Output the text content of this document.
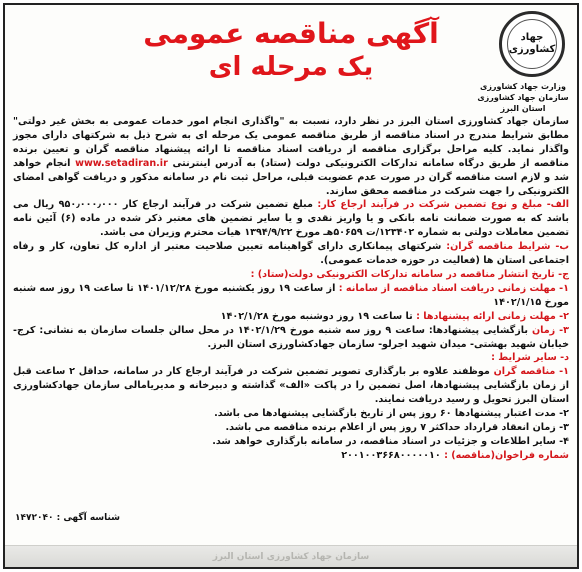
جهاد
کشاورزی
وزارت جهاد کشاورزی
سازمان جهاد کشاورزی استان البرز
آگهی مناقصه عمومی
یک مرحله ای

سازمان جهاد کشاورزی استان البرز در نظر دارد، نسبت به "واگذاری انجام امور خدمات عمومی به بخش غیر دولتی" مطابق شرایط مندرج در اسناد مناقصه از طریق مناقصه عمومی یک مرحله ای به شرح ذیل به شرکتهای دارای مجوز واگذار نماید. کلیه مراحل برگزاری مناقصه از دریافت اسناد مناقصه تا ارائه پیشنهاد مناقصه گران و تعیین برنده مناقصه از طریق درگاه سامانه تدارکات الکترونیکی دولت (ستاد) به آدرس اینترنتی www.setadiran.ir انجام خواهد شد و لازم است مناقصه گران در صورت عدم عضویت قبلی، مراحل ثبت نام در سامانه مذکور و دریافت گواهی امضای الکترونیکی را جهت شرکت در مناقصه محقق سازند.

الف- مبلغ و نوع تضمین شرکت در فرآیند ارجاع کار: مبلغ تضمین شرکت در فرآیند ارجاع کار ۹۵۰٫۰۰۰٫۰۰۰ ریال می باشد که به صورت ضمانت نامه بانکی و یا واریز نقدی و یا سایر تضمین های معتبر ذکر شده در ماده (۶) آئین نامه تضمین معاملات دولتی به شماره ۱۲۳۴۰۲/ت ۵۰۶۵۹هـ مورخ ۱۳۹۴/۹/۲۲ هیات محترم وزیران می باشد.

ب- شرایط مناقصه گران: شرکتهای پیمانکاری دارای گواهینامه تعیین صلاحیت معتبر از اداره کل تعاون، کار و رفاه اجتماعی استان ها (فعالیت در حوزه خدمات عمومی).

ج- تاریخ انتشار مناقصه در سامانه تدارکات الکترونیکی دولت(ستاد) :

۱- مهلت زمانی دریافت اسناد مناقصه از سامانه : از ساعت ۱۹ روز یکشنبه مورخ ۱۴۰۱/۱۲/۲۸ تا ساعت ۱۹ روز سه شنبه مورخ ۱۴۰۲/۱/۱۵

۲- مهلت زمانی ارائه پیشنهادها : تا ساعت ۱۹ روز دوشنبه مورخ ۱۴۰۲/۱/۲۸

۳- زمان بازگشایی پیشنهادها: ساعت ۹ روز سه شنبه مورخ ۱۴۰۲/۱/۲۹ در محل سالن جلسات سازمان به نشانی: کرج- خیابان شهید بهشتی- میدان شهید اجرلو- سازمان جهادکشاورزی استان البرز.

د- سایر شرایط :

۱- مناقصه گران موظفند علاوه بر بارگذاری تصویر تضمین شرکت در فرآیند ارجاع کار در سامانه، حداقل ۲ ساعت قبل از زمان بازگشایی پیشنهادها، اصل تضمین را در پاکت «الف» گذاشته و دبیرخانه و مدیریامالی سازمان جهادکشاورزی استان البرز تحویل و رسید دریافت نمایند.

۲- مدت اعتبار پیشنهادها ۶۰ روز پس از تاریخ بازگشایی پیشنهادها می باشد.

۳- زمان انعقاد قرارداد حداکثر ۷ روز پس از اعلام برنده مناقصه می باشد.

۴- سایر اطلاعات و جزئیات در اسناد مناقصه، در سامانه بارگذاری خواهد شد.

شماره فراخوان(مناقصه) : ۲۰۰۱۰۰۳۶۶۸۰۰۰۰۰۱۰

شناسه آگهی : ۱۴۷۲۰۴۰
سازمان جهاد کشاورزی استان البرز
